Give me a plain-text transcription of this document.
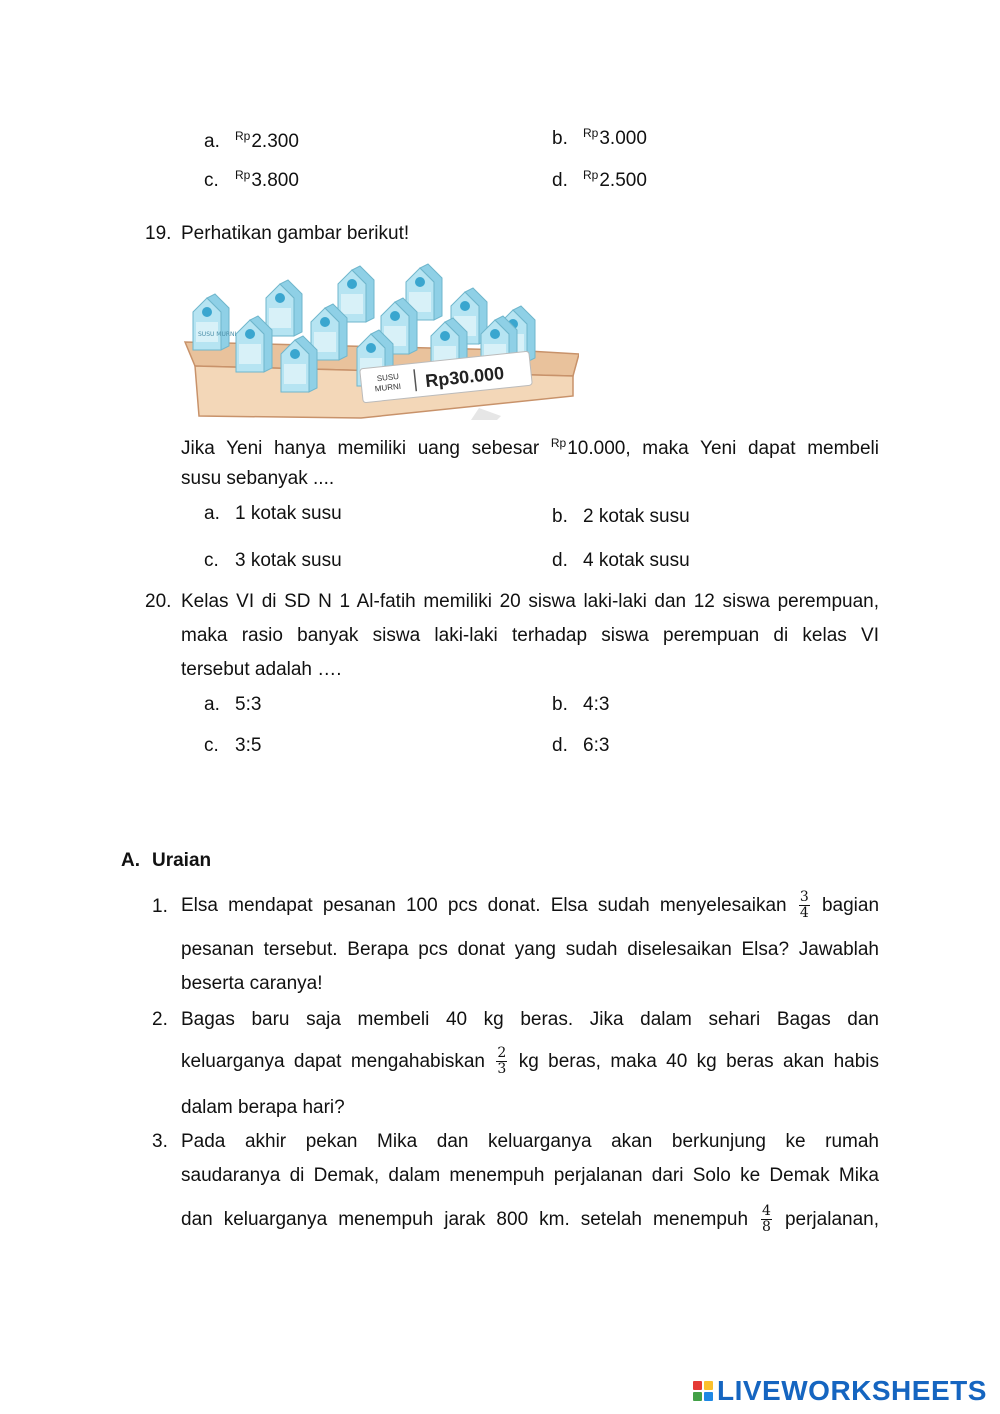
a. $^{Rp}$2.300	b. $^{Rp}$3.000
c. $^{Rp}$3.800	d. $^{Rp}$2.500
19. Perhatikan gambar berikut!
SUSU MURNI
SUSU
MURNI Rp30.000
Jika Yeni hanya memiliki uang sebesar $^{Rp}$10.000, maka Yeni dapat membeli
susu sebanyak ....
a. 1 kotak susu	b. 2 kotak susu
c. 3 kotak susu	d. 4 kotak susu
20. Kelas VI di SD N 1 Al-fatih memiliki 20 siswa laki-laki dan 12 siswa perempuan,
maka rasio banyak siswa laki-laki terhadap siswa perempuan di kelas VI
tersebut adalah ….
a. 5:3	b. 4:3
c. 3:5	d. 6:3
A. Uraian
1. Elsa mendapat pesanan 100 pcs donat. Elsa sudah menyelesaikan $\frac{3}{4}$ bagian
pesanan tersebut. Berapa pcs donat yang sudah diselesaikan Elsa? Jawablah
beserta caranya!
2. Bagas baru saja membeli 40 kg beras. Jika dalam sehari Bagas dan
keluarganya dapat mengahabiskan $\frac{2}{3}$ kg beras, maka 40 kg beras akan habis
dalam berapa hari?
3. Pada akhir pekan Mika dan keluarganya akan berkunjung ke rumah
saudaranya di Demak, dalam menempuh perjalanan dari Solo ke Demak Mika
dan keluarganya menempuh jarak 800 km. setelah menempuh $\frac{4}{8}$ perjalanan,
LIVEWORKSHEETS
